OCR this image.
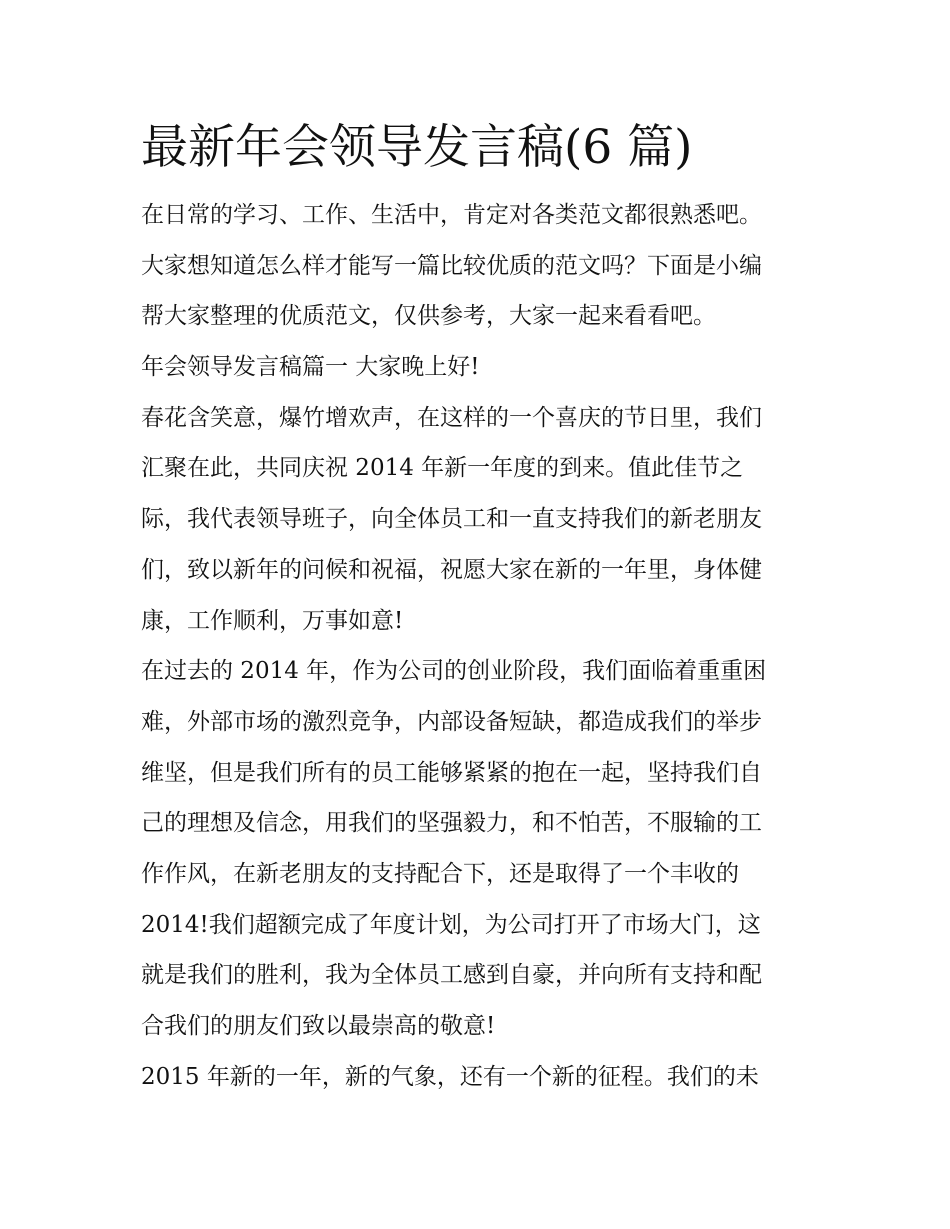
最新年会领导发言稿(6 篇)

在日常的学习、工作、生活中，肯定对各类范文都很熟悉吧。

大家想知道怎么样才能写一篇比较优质的范文吗？下面是小编

帮大家整理的优质范文，仅供参考，大家一起来看看吧。

年会领导发言稿篇一 大家晚上好!

春花含笑意，爆竹增欢声，在这样的一个喜庆的节日里，我们

汇聚在此，共同庆祝 2014 年新一年度的到来。值此佳节之

际，我代表领导班子，向全体员工和一直支持我们的新老朋友

们，致以新年的问候和祝福，祝愿大家在新的一年里，身体健

康，工作顺利，万事如意!

在过去的 2014 年，作为公司的创业阶段，我们面临着重重困

难，外部市场的激烈竞争，内部设备短缺，都造成我们的举步

维坚，但是我们所有的员工能够紧紧的抱在一起，坚持我们自

己的理想及信念，用我们的坚强毅力，和不怕苦，不服输的工

作作风，在新老朋友的支持配合下，还是取得了一个丰收的

2014!我们超额完成了年度计划，为公司打开了市场大门，这

就是我们的胜利，我为全体员工感到自豪，并向所有支持和配

合我们的朋友们致以最崇高的敬意!

2015 年新的一年，新的气象，还有一个新的征程。我们的未
